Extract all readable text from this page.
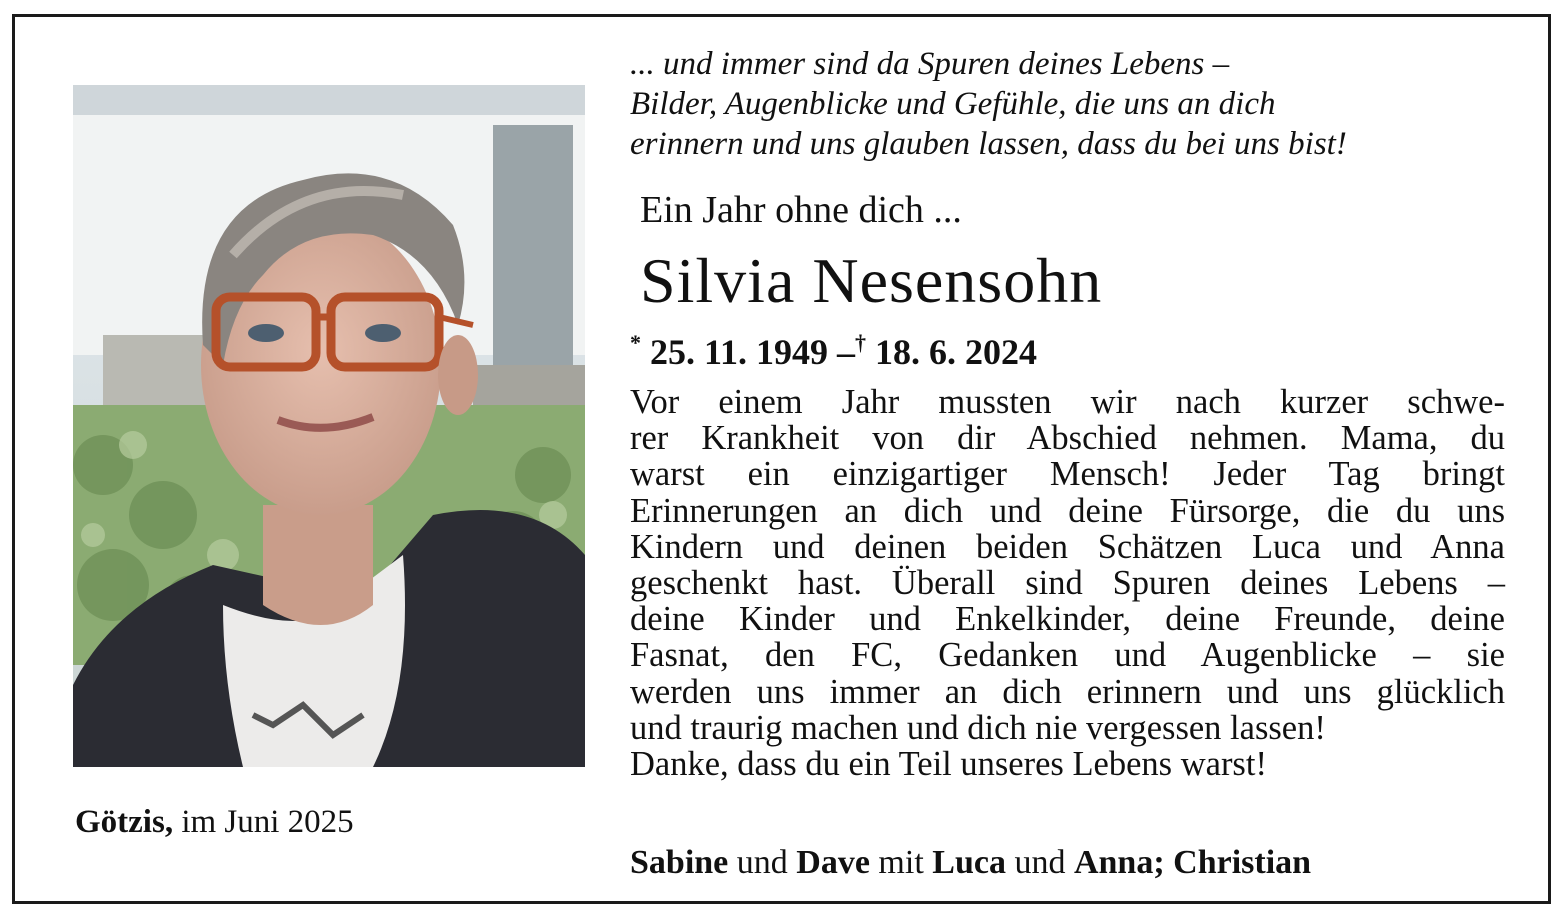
Götzis, im Juni 2025
... und immer sind da Spuren deines Lebens –
Bilder, Augenblicke und Gefühle, die uns an dich
erinnern und uns glauben lassen, dass du bei uns bist!
Ein Jahr ohne dich ...
Silvia Nesensohn
* 25. 11. 1949 –† 18. 6. 2024
Vor einem Jahr mussten wir nach kurzer schwe-
rer Krankheit von dir Abschied nehmen. Mama, du
warst ein einzigartiger Mensch! Jeder Tag bringt
Erinnerungen an dich und deine Fürsorge, die du uns
Kindern und deinen beiden Schätzen Luca und Anna
geschenkt hast. Überall sind Spuren deines Lebens –
deine Kinder und Enkelkinder, deine Freunde, deine
Fasnat, den FC, Gedanken und Augenblicke – sie
werden uns immer an dich erinnern und uns glücklich
und traurig machen und dich nie vergessen lassen!
Danke, dass du ein Teil unseres Lebens warst!
Sabine und Dave mit Luca und Anna; Christian
